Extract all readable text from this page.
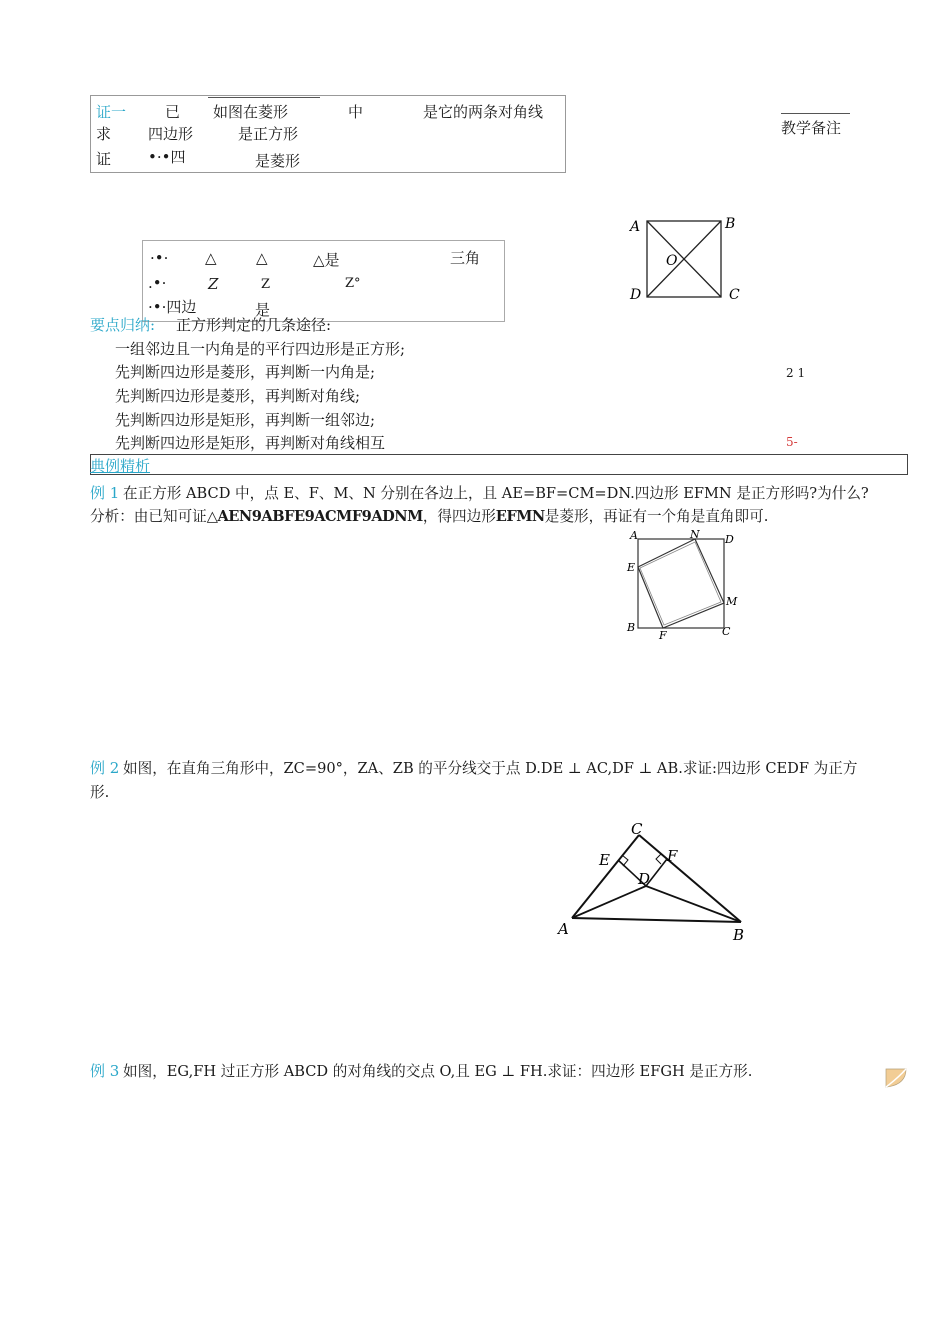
证一	已 如图在菱形	中	是它的两条对角线
求 四边形	是正方形
证 •·•四	是菱形
教学备注
·•· △	△	△是	三角
.•·	Z	Z	Z°
·•·四边	是
A	B
O
D	C
要点归纳: 正方形判定的几条途径:
一组邻边且一内角是的平行四边形是正方形;
先判断四边形是菱形，再判断一内角是;
先判断四边形是菱形，再判断对角线;
先判断四边形是矩形，再判断一组邻边;
先判断四边形是矩形，再判断对角线相互
2 1
5-
典例精析
例 1 在正方形 ABCD 中，点 E、F、M、N 分别在各边上，且 AE=BF=CM=DN.四边形 EFMN 是正方形吗?为什么?
分析：由已知可证△AEN9ABFE9ACMF9ADNM，得四边形EFMN是菱形，再证有一个角是直角即可.
A	N D
E
M
B
F	C
例 2 如图，在直角三角形中，ZC=90°，ZA、ZB 的平分线交于点 D.DE ⊥ AC,DF ⊥ AB.求证:四边形 CEDF 为正方
形.
C
E	F
D
A	B
例 3 如图，EG,FH 过正方形 ABCD 的对角线的交点 O,且 EG ⊥ FH.求证：四边形 EFGH 是正方形.
